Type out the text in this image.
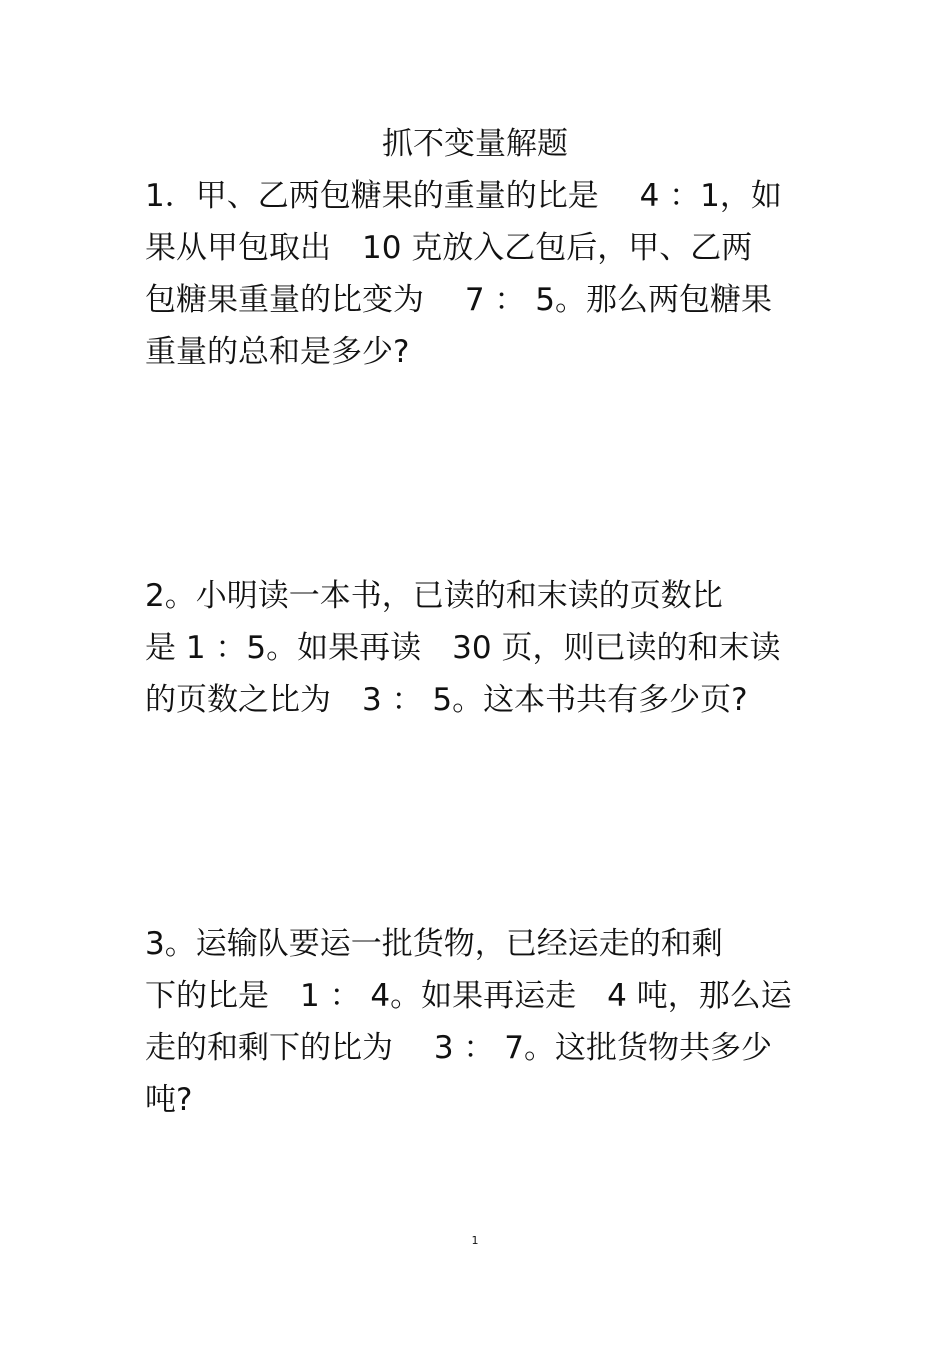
抓不变量解题
1．甲、乙两包糖果的重量的比是　 4 ：1，如
果从甲包取出　10 克放入乙包后，甲、乙两
包糖果重量的比变为　 7 ： 5。那么两包糖果
重量的总和是多少?
2。小明读一本书，已读的和末读的页数比
是 1 ：5。如果再读　30 页，则已读的和末读
的页数之比为　3 ： 5。这本书共有多少页?
3。运输队要运一批货物，已经运走的和剩
下的比是　1 ： 4。如果再运走　4 吨，那么运
走的和剩下的比为　 3 ： 7。这批货物共多少
吨?
1
